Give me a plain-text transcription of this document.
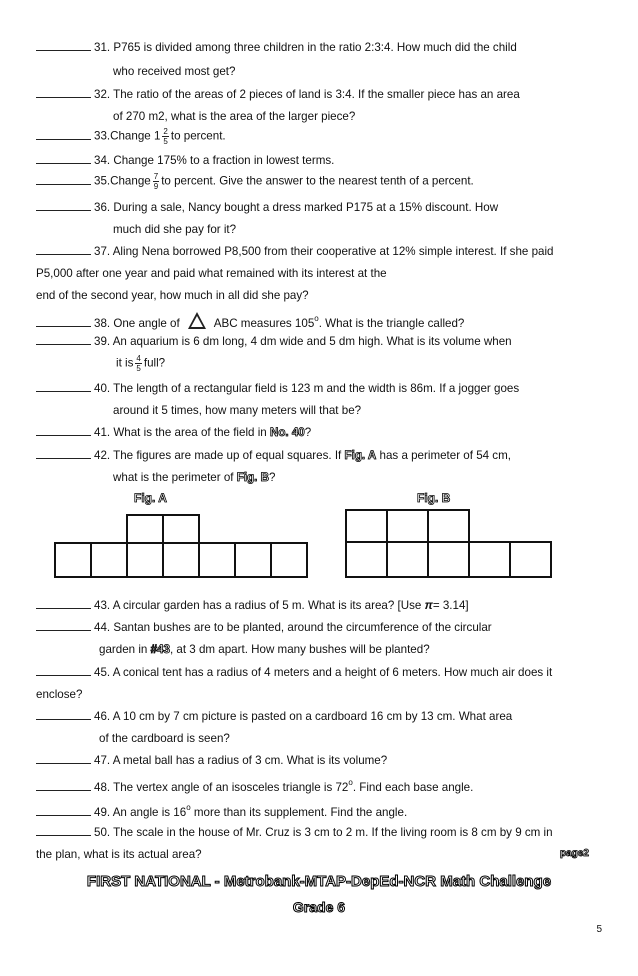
31. P765 is divided among three children in the ratio 2:3:4. How much did the child
who received most get?
32. The ratio of the areas of 2 pieces of land is 3:4. If the smaller piece has an area
of 270 m2, what is the area of the larger piece?
33.Change $1 \frac{2}{5}$ to percent.
34. Change 175% to a fraction in lowest terms.
35.Change $\frac{7}{9}$ to percent. Give the answer to the nearest tenth of a percent.
36. During a sale, Nancy bought a dress marked P175 at a 15% discount. How
much did she pay for it?
37. Aling Nena borrowed P8,500 from their cooperative at 12% simple interest. If she paid
P5,000 after one year and paid what remained with its interest at the
end of the second year, how much in all did she pay?
38. One angle of	ABC measures 105$^o$. What is the triangle called?
39. An aquarium is 6 dm long, 4 dm wide and 5 dm high. What is its volume when
it is $\frac{4}{5}$ full?
40. The length of a rectangular field is 123 m and the width is 86m. If a jogger goes
around it 5 times, how many meters will that be?
41. What is the area of the field in No. 40?
42. The figures are made up of equal squares. If Fig. A has a perimeter of 54 cm,
what is the perimeter of Fig. B?
Fig. A	Fig. B
43. A circular garden has a radius of 5 m. What is its area? [Use π= 3.14]
44. Santan bushes are to be planted, around the circumference of the circular
garden in #43, at 3 dm apart. How many bushes will be planted?
45. A conical tent has a radius of 4 meters and a height of 6 meters. How much air does it
enclose?
46. A 10 cm by 7 cm picture is pasted on a cardboard 16 cm by 13 cm. What area
of the cardboard is seen?
47. A metal ball has a radius of 3 cm. What is its volume?
48. The vertex angle of an isosceles triangle is 72$^o$. Find each base angle.
49. An angle is 16$^o$ more than its supplement. Find the angle.
50. The scale in the house of Mr. Cruz is 3 cm to 2 m. If the living room is 8 cm by 9 cm in
the plan, what is its actual area?	page2
FIRST NATIONAL - Metrobank-MTAP-DepEd-NCR Math Challenge
Grade 6
5
